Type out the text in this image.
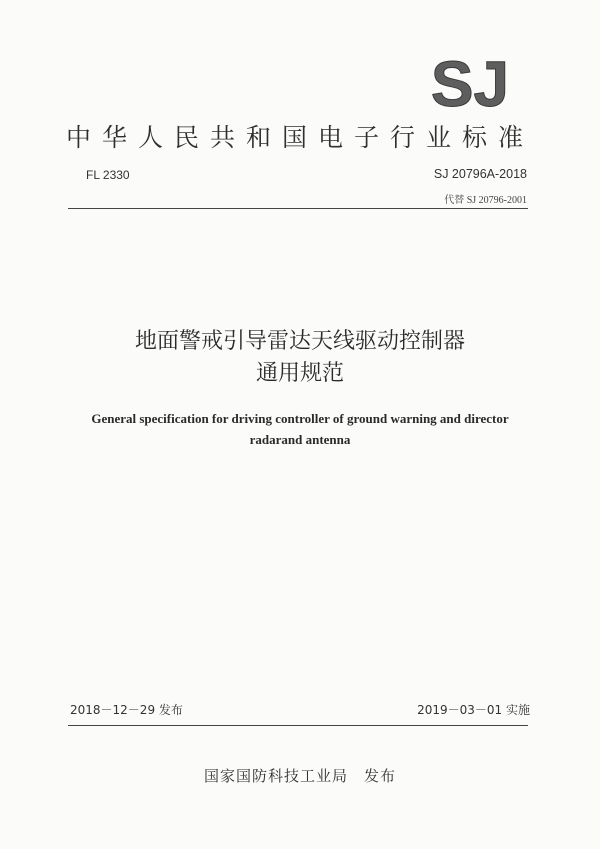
SJ
中华人民共和国电子行业标准
FL 2330	SJ 20796A-2018
代替 SJ 20796-2001
地面警戒引导雷达天线驱动控制器
通用规范
General specification for driving controller of ground warning and director
radarand antenna
2018－12－29 发布	2019－03－01 实施
国家国防科技工业局　发布
